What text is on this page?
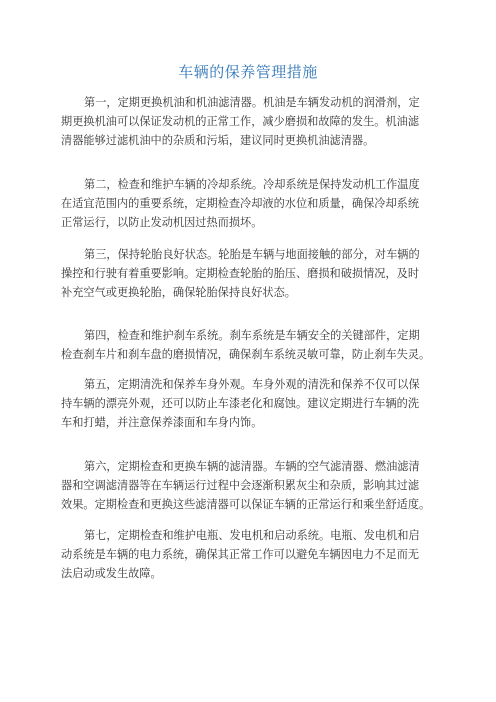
车辆的保养管理措施
第一，定期更换机油和机油滤清器。机油是车辆发动机的润滑剂，定
期更换机油可以保证发动机的正常工作，减少磨损和故障的发生。机油滤
清器能够过滤机油中的杂质和污垢，建议同时更换机油滤清器。
第二，检查和维护车辆的冷却系统。冷却系统是保持发动机工作温度
在适宜范围内的重要系统，定期检查冷却液的水位和质量，确保冷却系统
正常运行，以防止发动机因过热而损坏。
第三，保持轮胎良好状态。轮胎是车辆与地面接触的部分，对车辆的
操控和行驶有着重要影响。定期检查轮胎的胎压、磨损和破损情况，及时
补充空气或更换轮胎，确保轮胎保持良好状态。
第四，检查和维护刹车系统。刹车系统是车辆安全的关键部件，定期
检查刹车片和刹车盘的磨损情况，确保刹车系统灵敏可靠，防止刹车失灵。
第五，定期清洗和保养车身外观。车身外观的清洗和保养不仅可以保
持车辆的漂亮外观，还可以防止车漆老化和腐蚀。建议定期进行车辆的洗
车和打蜡，并注意保养漆面和车身内饰。
第六，定期检查和更换车辆的滤清器。车辆的空气滤清器、燃油滤清
器和空调滤清器等在车辆运行过程中会逐渐积累灰尘和杂质，影响其过滤
效果。定期检查和更换这些滤清器可以保证车辆的正常运行和乘坐舒适度。
第七，定期检查和维护电瓶、发电机和启动系统。电瓶、发电机和启
动系统是车辆的电力系统，确保其正常工作可以避免车辆因电力不足而无
法启动或发生故障。
